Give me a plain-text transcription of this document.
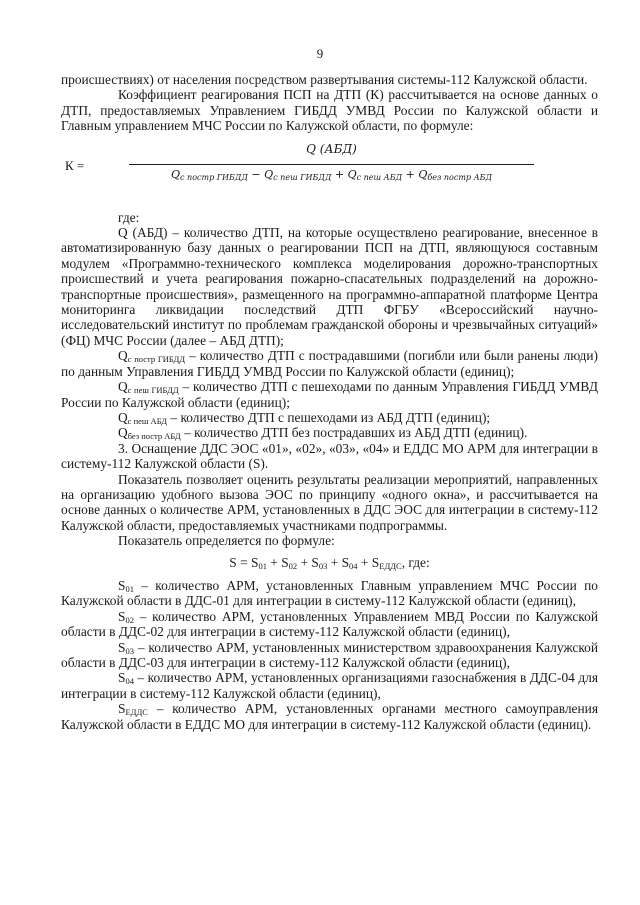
9

происшествиях) от населения посредством развертывания системы-112 Калужской области.

Коэффициент реагирования ПСП на ДТП (К) рассчитывается на основе данных о ДТП, предоставляемых Управлением ГИБДД УМВД России по Калужской области и Главным управлением МЧС России по Калужской области, по формуле:

К =
Q (АБД)
$Q_{с постр ГИБДД} - Q_{с пеш ГИБДД} + Q_{с пеш АБД} + Q_{без постр АБД}$

где:

Q (АБД) – количество ДТП, на которые осуществлено реагирование, внесенное в автоматизированную базу данных о реагировании ПСП на ДТП, являющуюся составным модулем «Программно-технического комплекса моделирования дорожно-транспортных происшествий и учета реагирования пожарно-спасательных подразделений на дорожно-транспортные происшествия», размещенного на программно-аппаратной платформе Центра мониторинга ликвидации последствий ДТП ФГБУ «Всероссийский научно-исследовательский институт по проблемам гражданской обороны и чрезвычайных ситуаций» (ФЦ) МЧС России (далее – АБД ДТП);

$Q_{с постр ГИБДД}$ – количество ДТП с пострадавшими (погибли или были ранены люди) по данным Управления ГИБДД УМВД России по Калужской области (единиц);

$Q_{с пеш ГИБДД}$ – количество ДТП с пешеходами по данным Управления ГИБДД УМВД России по Калужской области (единиц);

$Q_{с пеш АБД}$ – количество ДТП с пешеходами из АБД ДТП (единиц);

$Q_{без постр АБД}$ – количество ДТП без пострадавших из АБД ДТП (единиц).

3. Оснащение ДДС ЭОС «01», «02», «03», «04» и ЕДДС МО АРМ для интеграции в систему-112 Калужской области (S).

Показатель позволяет оценить результаты реализации мероприятий, направленных на организацию удобного вызова ЭОС по принципу «одного окна», и рассчитывается на основе данных о количестве АРМ, установленных в ДДС ЭОС для интеграции в систему-112 Калужской области, предоставляемых участниками подпрограммы.

Показатель определяется по формуле:

$S = S_{01} + S_{02} + S_{03} + S_{04} + S_{ЕДДС}$, где:

$S_{01}$ – количество АРМ, установленных Главным управлением МЧС России по Калужской области в ДДС-01 для интеграции в систему-112 Калужской области (единиц),

$S_{02}$ – количество АРМ, установленных Управлением МВД России по Калужской области в ДДС-02 для интеграции в систему-112 Калужской области (единиц),

$S_{03}$ – количество АРМ, установленных министерством здравоохранения Калужской области в ДДС-03 для интеграции в систему-112 Калужской области (единиц),

$S_{04}$ – количество АРМ, установленных организациями газоснабжения в ДДС-04 для интеграции в систему-112 Калужской области (единиц),

$S_{ЕДДС}$ – количество АРМ, установленных органами местного самоуправления Калужской области в ЕДДС МО для интеграции в систему-112 Калужской области (единиц).
